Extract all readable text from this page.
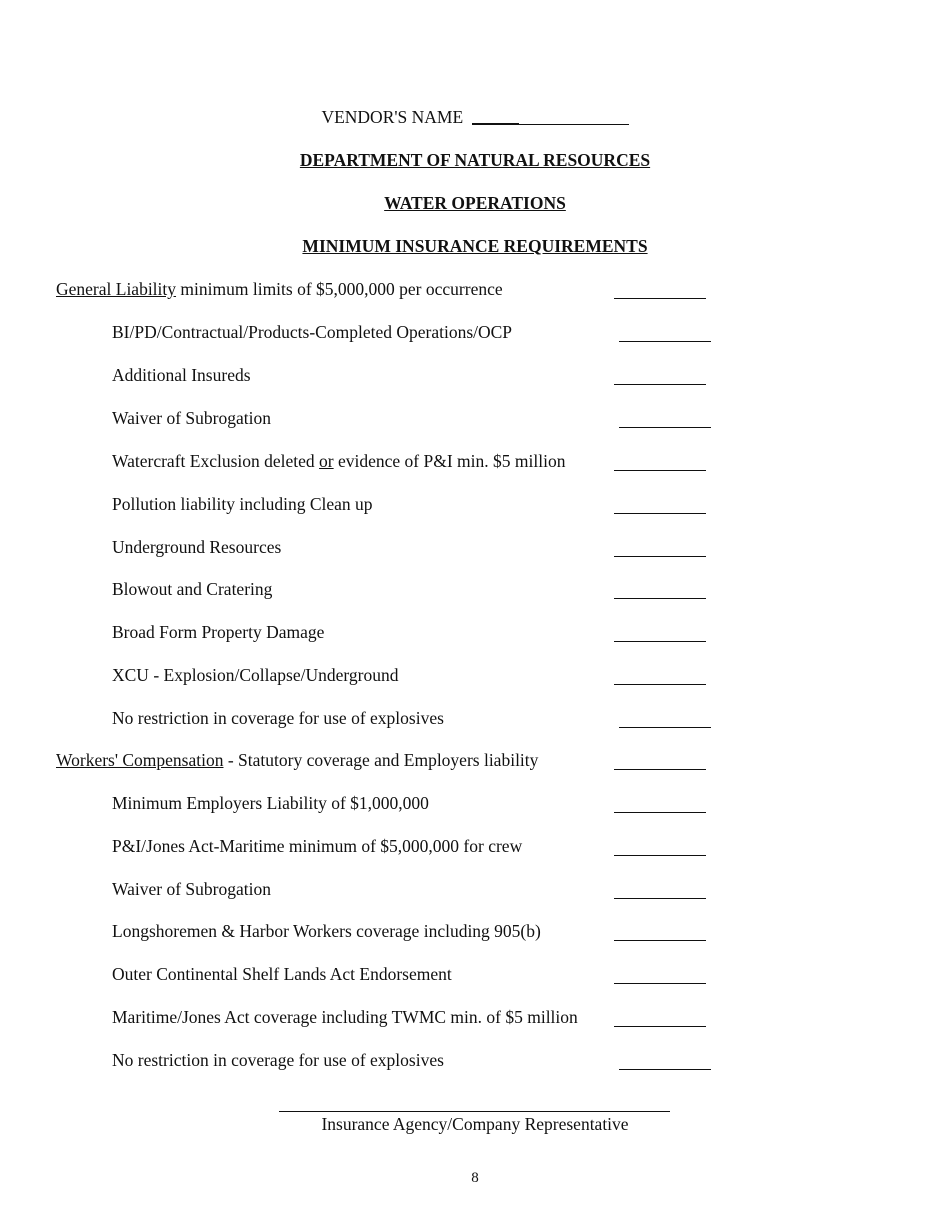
VENDOR'S NAME
DEPARTMENT OF NATURAL RESOURCES
WATER OPERATIONS
MINIMUM INSURANCE REQUIREMENTS
General Liability minimum limits of $5,000,000 per occurrence
BI/PD/Contractual/Products-Completed Operations/OCP
Additional Insureds
Waiver of Subrogation
Watercraft Exclusion deleted or evidence of P&I min. $5 million
Pollution liability including Clean up
Underground Resources
Blowout and Cratering
Broad Form Property Damage
XCU - Explosion/Collapse/Underground
No restriction in coverage for use of explosives
Workers' Compensation - Statutory coverage and Employers liability
Minimum Employers Liability of $1,000,000
P&I/Jones Act-Maritime minimum of $5,000,000 for crew
Waiver of Subrogation
Longshoremen & Harbor Workers coverage including 905(b)
Outer Continental Shelf Lands Act Endorsement
Maritime/Jones Act coverage including TWMC min. of $5 million
No restriction in coverage for use of explosives
Insurance Agency/Company Representative
8
